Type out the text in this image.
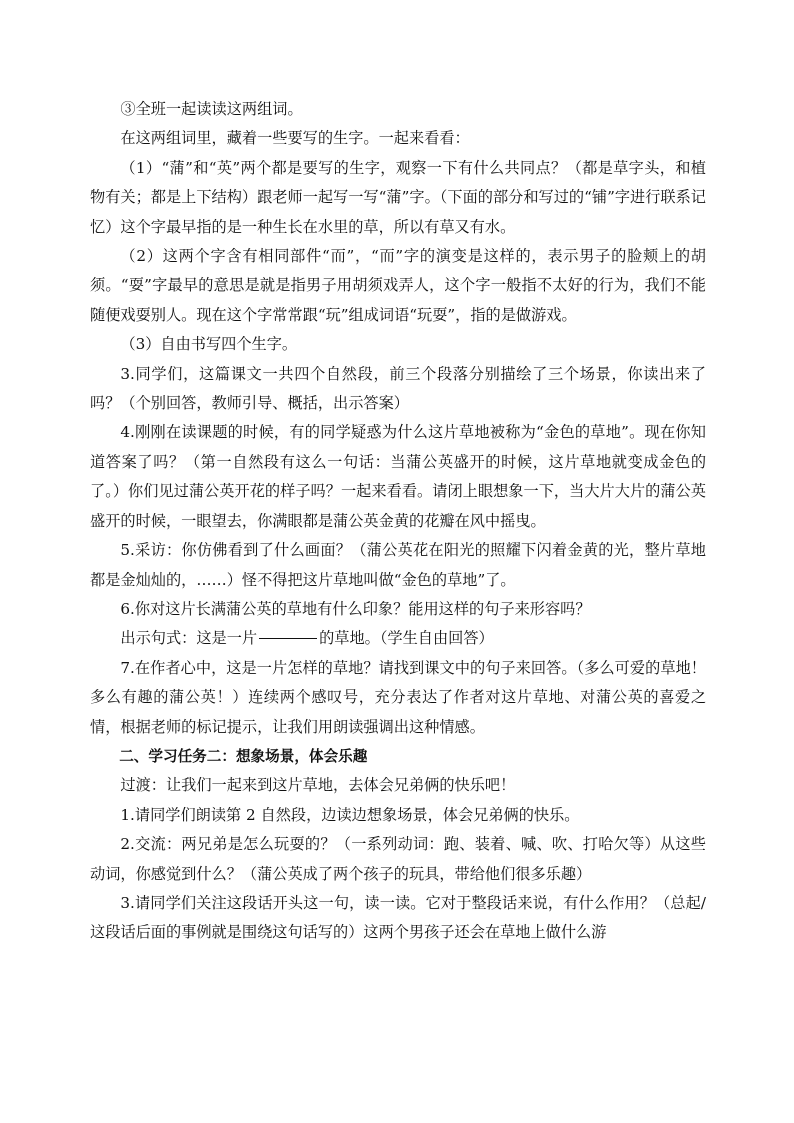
③全班一起读读这两组词。

在这两组词里，藏着一些要写的生字。一起来看看：

（1）“蒲”和“英”两个都是要写的生字，观察一下有什么共同点？（都是草字头，和植物有关；都是上下结构）跟老师一起写一写“蒲”字。（下面的部分和写过的“铺”字进行联系记忆）这个字最早指的是一种生长在水里的草，所以有草又有水。

（2）这两个字含有相同部件“而”，“而”字的演变是这样的，表示男子的脸颊上的胡须。“耍”字最早的意思是就是指男子用胡须戏弄人，这个字一般指不太好的行为，我们不能随便戏耍别人。现在这个字常常跟“玩”组成词语“玩耍”，指的是做游戏。

（3）自由书写四个生字。

3.同学们，这篇课文一共四个自然段，前三个段落分别描绘了三个场景，你读出来了吗？（个别回答，教师引导、概括，出示答案）

4.刚刚在读课题的时候，有的同学疑惑为什么这片草地被称为“金色的草地”。现在你知道答案了吗？（第一自然段有这么一句话：当蒲公英盛开的时候，这片草地就变成金色的了。）你们见过蒲公英开花的样子吗？一起来看看。请闭上眼想象一下，当大片大片的蒲公英盛开的时候，一眼望去，你满眼都是蒲公英金黄的花瓣在风中摇曳。

5.采访：你仿佛看到了什么画面？（蒲公英花在阳光的照耀下闪着金黄的光，整片草地都是金灿灿的，……）怪不得把这片草地叫做“金色的草地”了。

6.你对这片长满蒲公英的草地有什么印象？能用这样的句子来形容吗？

出示句式：这是一片	的草地。（学生自由回答）

7.在作者心中，这是一片怎样的草地？请找到课文中的句子来回答。（多么可爱的草地！多么有趣的蒲公英！）连续两个感叹号，充分表达了作者对这片草地、对蒲公英的喜爱之情，根据老师的标记提示，让我们用朗读强调出这种情感。

二、学习任务二：想象场景，体会乐趣

过渡：让我们一起来到这片草地，去体会兄弟俩的快乐吧！

1.请同学们朗读第 2 自然段，边读边想象场景，体会兄弟俩的快乐。

2.交流：两兄弟是怎么玩耍的？（一系列动词：跑、装着、喊、吹、打哈欠等）从这些动词，你感觉到什么？（蒲公英成了两个孩子的玩具，带给他们很多乐趣）

3.请同学们关注这段话开头这一句，读一读。它对于整段话来说，有什么作用？（总起/这段话后面的事例就是围绕这句话写的）这两个男孩子还会在草地上做什么游
